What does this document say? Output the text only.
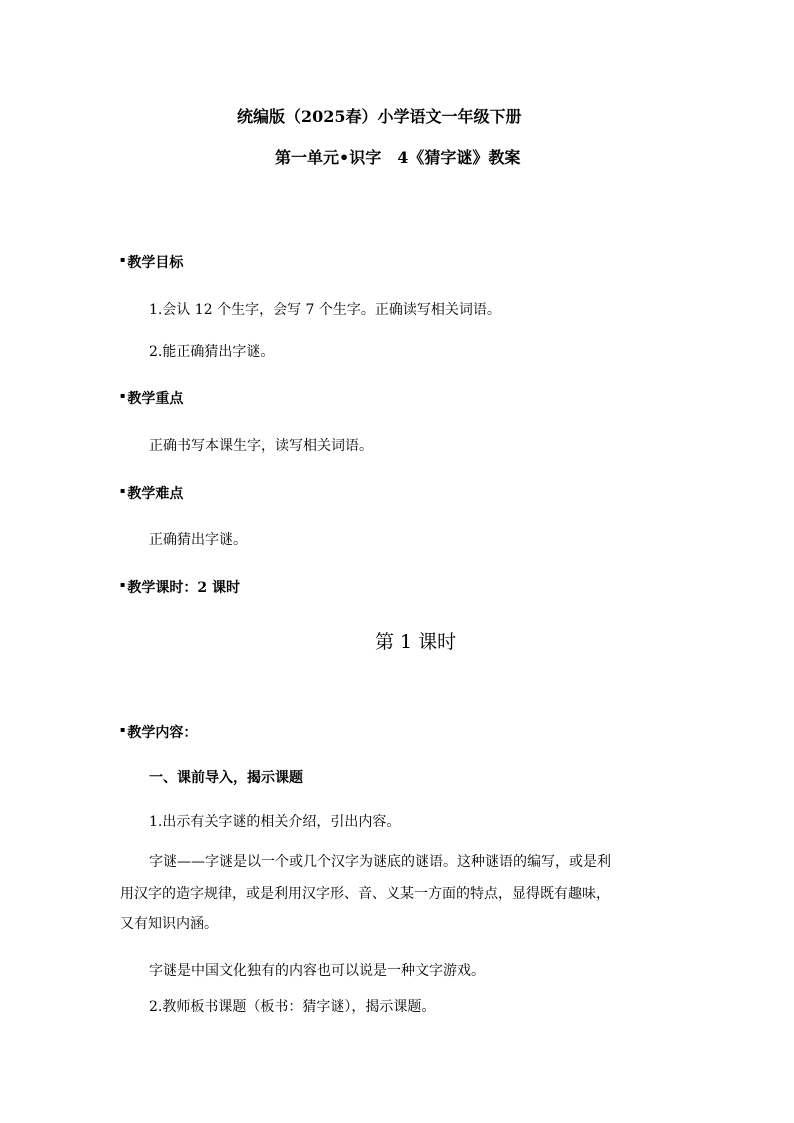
统编版（2025春）小学语文一年级下册
第一单元•识字　4《猜字谜》教案
▪ 教学目标
1.会认 12 个生字，会写 7 个生字。正确读写相关词语。
2.能正确猜出字谜。
▪ 教学重点
正确书写本课生字，读写相关词语。
▪ 教学难点
正确猜出字谜。
▪ 教学课时：2 课时
第 1 课时
▪ 教学内容：
一、课前导入，揭示课题
1.出示有关字谜的相关介绍，引出内容。
字谜——字谜是以一个或几个汉字为谜底的谜语。这种谜语的编写，或是利
用汉字的造字规律，或是利用汉字形、音、义某一方面的特点，显得既有趣味，
又有知识内涵。
字谜是中国文化独有的内容也可以说是一种文字游戏。
2.教师板书课题（板书：猜字谜），揭示课题。
